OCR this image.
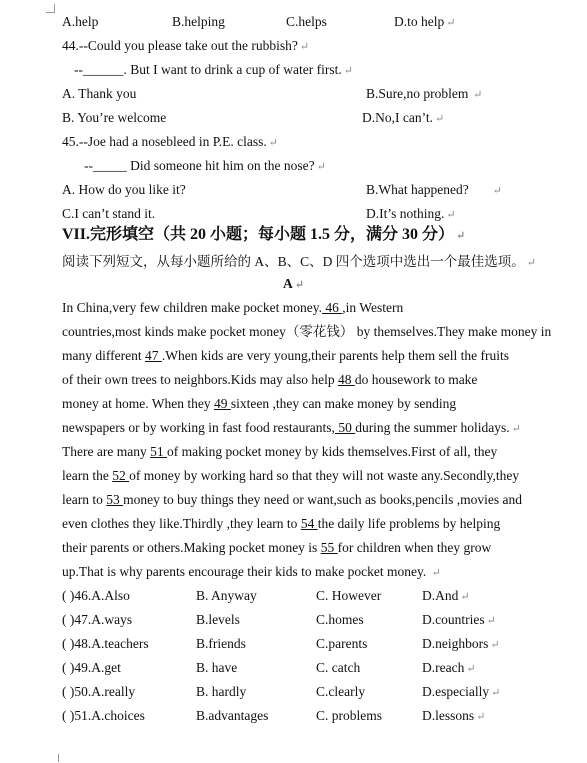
A.help	B.helping	C.helps	D.to help ↵
44.--Could you please take out the rubbish? ↵
--______. But I want to drink a cup of water first. ↵
A. Thank you	B.Sure,no problem ↵
B. You’re welcome	D.No,I can’t. ↵
45.--Joe had a nosebleed in P.E. class. ↵
--_____ Did someone hit him on the nose? ↵
A. How do you like it?	B.What happened?        ↵
C.I can’t stand it.	D.It’s nothing. ↵
VII.完形填空（共 20 小题；每小题 1.5 分，满分 30 分） ↵
阅读下列短文，从每小题所给的 A、B、C、D 四个选项中选出一个最佳选项。 ↵
A ↵
In China,very few children make pocket money. 46 ,in Western
countries,most kinds make pocket money（零花钱） by themselves.They make money in
many different 47 .When kids are very young,their parents help them sell the fruits
of their own trees to neighbors.Kids may also help 48 do housework to make
money at home. When they 49 sixteen ,they can make money by sending
newspapers or by working in fast food restaurants, 50 during the summer holidays. ↵
There are many 51 of making pocket money by kids themselves.First of all, they
learn the 52 of money by working hard so that they will not waste any.Secondly,they
learn to 53 money to buy things they need or want,such as books,pencils ,movies and
even clothes they like.Thirdly ,they learn to 54 the daily life problems by helping
their parents or others.Making pocket money is 55 for children when they grow
up.That is why parents encourage their kids to make pocket money. ↵
( )46.A.Also	B. Anyway	C. However	D.And ↵
( )47.A.ways	B.levels	C.homes	D.countries ↵
( )48.A.teachers	B.friends	C.parents	D.neighbors ↵
( )49.A.get	B. have	C. catch	D.reach ↵
( )50.A.really	B. hardly	C.clearly	D.especially ↵
( )51.A.choices	B.advantages	C. problems	D.lessons ↵
